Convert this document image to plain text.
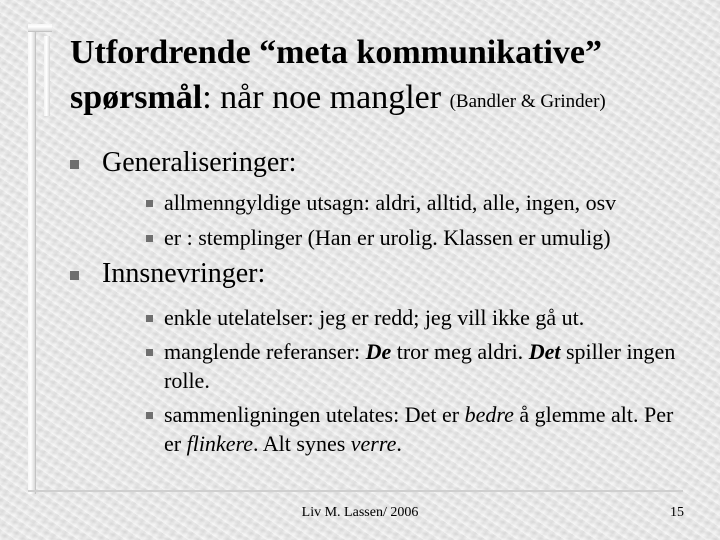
Utfordrende “meta kommunikative”
spørsmål: når noe mangler (Bandler & Grinder)
Generaliseringer:
allmenngyldige utsagn: aldri, alltid, alle, ingen, osv
er : stemplinger (Han er urolig. Klassen er umulig)
Innsnevringer:
enkle utelatelser: jeg er redd; jeg vill ikke gå ut.
manglende referanser: De tror meg aldri. Det spiller ingen rolle.
sammenligningen utelates: Det er bedre å glemme alt. Per er flinkere. Alt synes verre.
Liv M. Lassen/ 2006	15
